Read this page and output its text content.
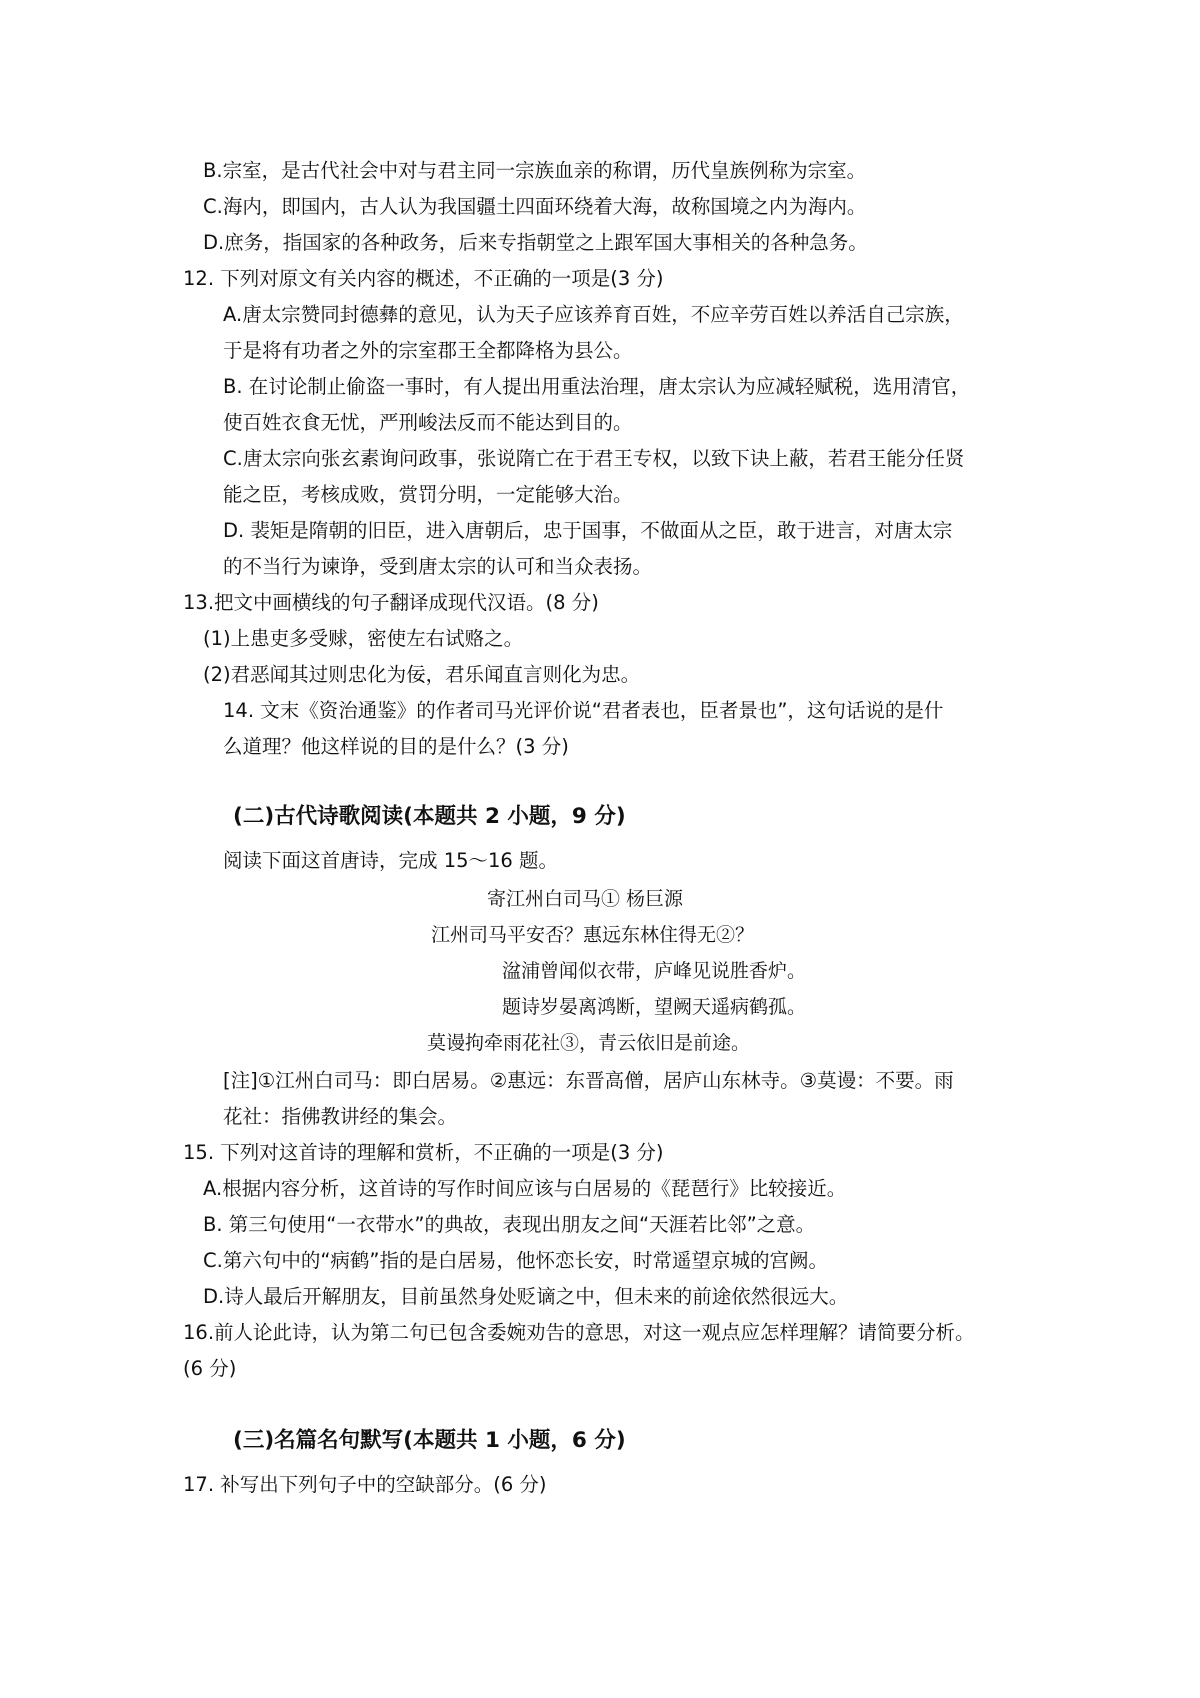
B.宗室，是古代社会中对与君主同一宗族血亲的称谓，历代皇族例称为宗室。
C.海内，即国内，古人认为我国疆土四面环绕着大海，故称国境之内为海内。
D.庶务，指国家的各种政务，后来专指朝堂之上跟军国大事相关的各种急务。
12. 下列对原文有关内容的概述，不正确的一项是(3 分)
A.唐太宗赞同封德彝的意见，认为天子应该养育百姓，不应辛劳百姓以养活自己宗族，
于是将有功者之外的宗室郡王全都降格为县公。
B. 在讨论制止偷盗一事时，有人提出用重法治理，唐太宗认为应减轻赋税，选用清官，
使百姓衣食无忧，严刑峻法反而不能达到目的。
C.唐太宗向张玄素询问政事，张说隋亡在于君王专权，以致下诀上蔽，若君王能分任贤
能之臣，考核成败，赏罚分明，一定能够大治。
D. 裴矩是隋朝的旧臣，进入唐朝后，忠于国事，不做面从之臣，敢于进言，对唐太宗
的不当行为谏诤，受到唐太宗的认可和当众表扬。
13.把文中画横线的句子翻译成现代汉语。(8 分)
(1)上患吏多受赇，密使左右试赂之。
(2)君恶闻其过则忠化为佞，君乐闻直言则化为忠。
14. 文末《资治通鉴》的作者司马光评价说“君者表也，臣者景也”，这句话说的是什
么道理？他这样说的目的是什么？(3 分)
(二)古代诗歌阅读(本题共 2 小题，9 分)
阅读下面这首唐诗，完成 15～16 题。
寄江州白司马① 杨巨源
江州司马平安否？惠远东林住得无②？
湓浦曾闻似衣带，庐峰见说胜香炉。
题诗岁晏离鸿断，望阙天遥病鹤孤。
莫谩拘牵雨花社③，青云依旧是前途。
[注]①江州白司马：即白居易。②惠远：东晋高僧，居庐山东林寺。③莫谩：不要。雨
花社：指佛教讲经的集会。
15. 下列对这首诗的理解和赏析，不正确的一项是(3 分)
A.根据内容分析，这首诗的写作时间应该与白居易的《琵琶行》比较接近。
B. 第三句使用“一衣带水”的典故，表现出朋友之间“天涯若比邻”之意。
C.第六句中的“病鹤”指的是白居易，他怀恋长安，时常遥望京城的宫阙。
D.诗人最后开解朋友，目前虽然身处贬谪之中，但未来的前途依然很远大。
16.前人论此诗，认为第二句已包含委婉劝告的意思，对这一观点应怎样理解？请简要分析。
(6 分)
(三)名篇名句默写(本题共 1 小题，6 分)
17. 补写出下列句子中的空缺部分。(6 分)
